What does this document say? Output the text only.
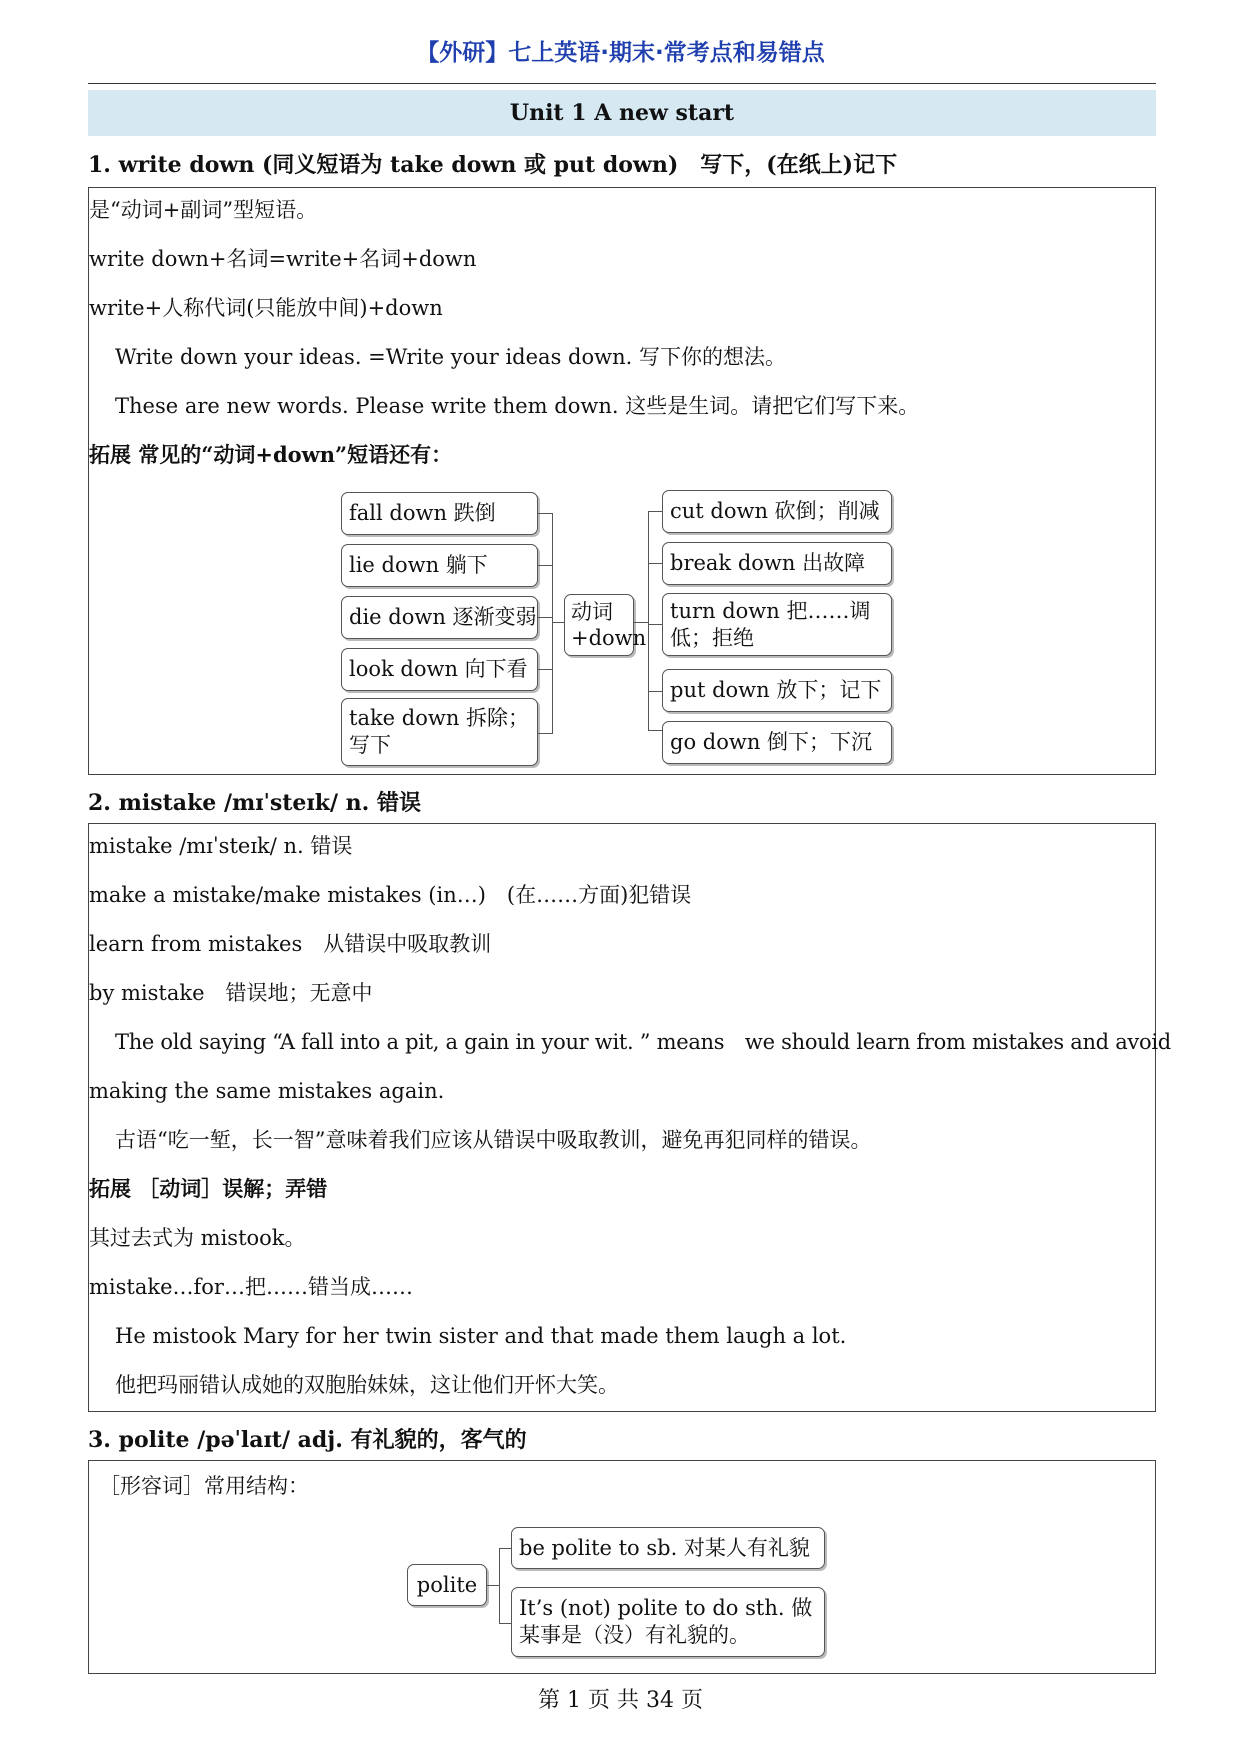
【外研】七上英语·期末·常考点和易错点
Unit 1 A new start
1. write down (同义短语为 take down 或 put down)　写下，(在纸上)记下
是“动词+副词”型短语。
write down+名词=write+名词+down
write+人称代词(只能放中间)+down
Write down your ideas. =Write your ideas down. 写下你的想法。
These are new words. Please write them down. 这些是生词。请把它们写下来。
拓展 常见的“动词+down”短语还有：
fall down 跌倒
lie down 躺下
die down 逐渐变弱
look down 向下看
take down 拆除；写下
动词+down
cut down 砍倒；削减
break down 出故障
turn down 把……调低；拒绝
put down 放下；记下
go down 倒下；下沉
2. mistake /mɪˈsteɪk/ n. 错误
mistake /mɪˈsteɪk/ n. 错误
make a mistake/make mistakes (in…)　(在……方面)犯错误
learn from mistakes　从错误中吸取教训
by mistake　错误地；无意中
The old saying “A fall into a pit, a gain in your wit. ” means　we should learn from mistakes and avoid
making the same mistakes again.
古语“吃一堑，长一智”意味着我们应该从错误中吸取教训，避免再犯同样的错误。
拓展 ［动词］误解；弄错
其过去式为 mistook。
mistake…for…把……错当成……
He mistook Mary for her twin sister and that made them laugh a lot.
他把玛丽错认成她的双胞胎妹妹，这让他们开怀大笑。
3. polite /pəˈlaɪt/ adj. 有礼貌的，客气的
［形容词］常用结构：
polite
be polite to sb. 对某人有礼貌
It’s (not) polite to do sth. 做某事是（没）有礼貌的。
第 1 页 共 34 页
